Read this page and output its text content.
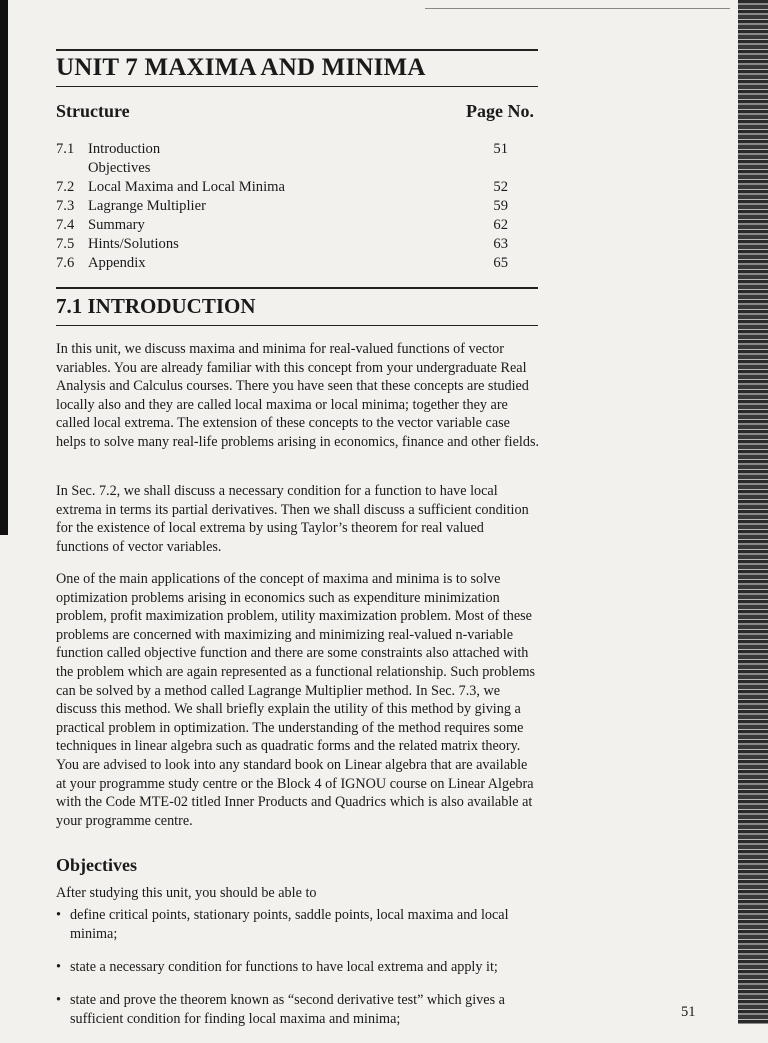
UNIT 7 MAXIMA AND MINIMA
Structure	Page No.
7.1 Introduction	51
Objectives
7.2 Local Maxima and Local Minima	52
7.3 Lagrange Multiplier	59
7.4 Summary	62
7.5 Hints/Solutions	63
7.6 Appendix	65
7.1 INTRODUCTION

In this unit, we discuss maxima and minima for real-valued functions of vector variables. You are already familiar with this concept from your undergraduate Real Analysis and Calculus courses. There you have seen that these concepts are studied locally also and they are called local maxima or local minima; together they are called local extrema. The extension of these concepts to the vector variable case helps to solve many real-life problems arising in economics, finance and other fields.

In Sec. 7.2, we shall discuss a necessary condition for a function to have local extrema in terms its partial derivatives. Then we shall discuss a sufficient condition for the existence of local extrema by using Taylor’s theorem for real valued functions of vector variables.

One of the main applications of the concept of maxima and minima is to solve optimization problems arising in economics such as expenditure minimization problem, profit maximization problem, utility maximization problem. Most of these problems are concerned with maximizing and minimizing real-valued n-variable function called objective function and there are some constraints also attached with the problem which are again represented as a functional relationship. Such problems can be solved by a method called Lagrange Multiplier method. In Sec. 7.3, we discuss this method. We shall briefly explain the utility of this method by giving a practical problem in optimization. The understanding of the method requires some techniques in linear algebra such as quadratic forms and the related matrix theory. You are advised to look into any standard book on Linear algebra that are available at your programme study centre or the Block 4 of IGNOU course on Linear Algebra with the Code MTE-02 titled Inner Products and Quadrics which is also available at your programme centre.

Objectives

After studying this unit, you should be able to

• define critical points, stationary points, saddle points, local maxima and local minima;
• state a necessary condition for functions to have local extrema and apply it;
• state and prove the theorem known as “second derivative test” which gives a sufficient condition for finding local maxima and minima;	51
